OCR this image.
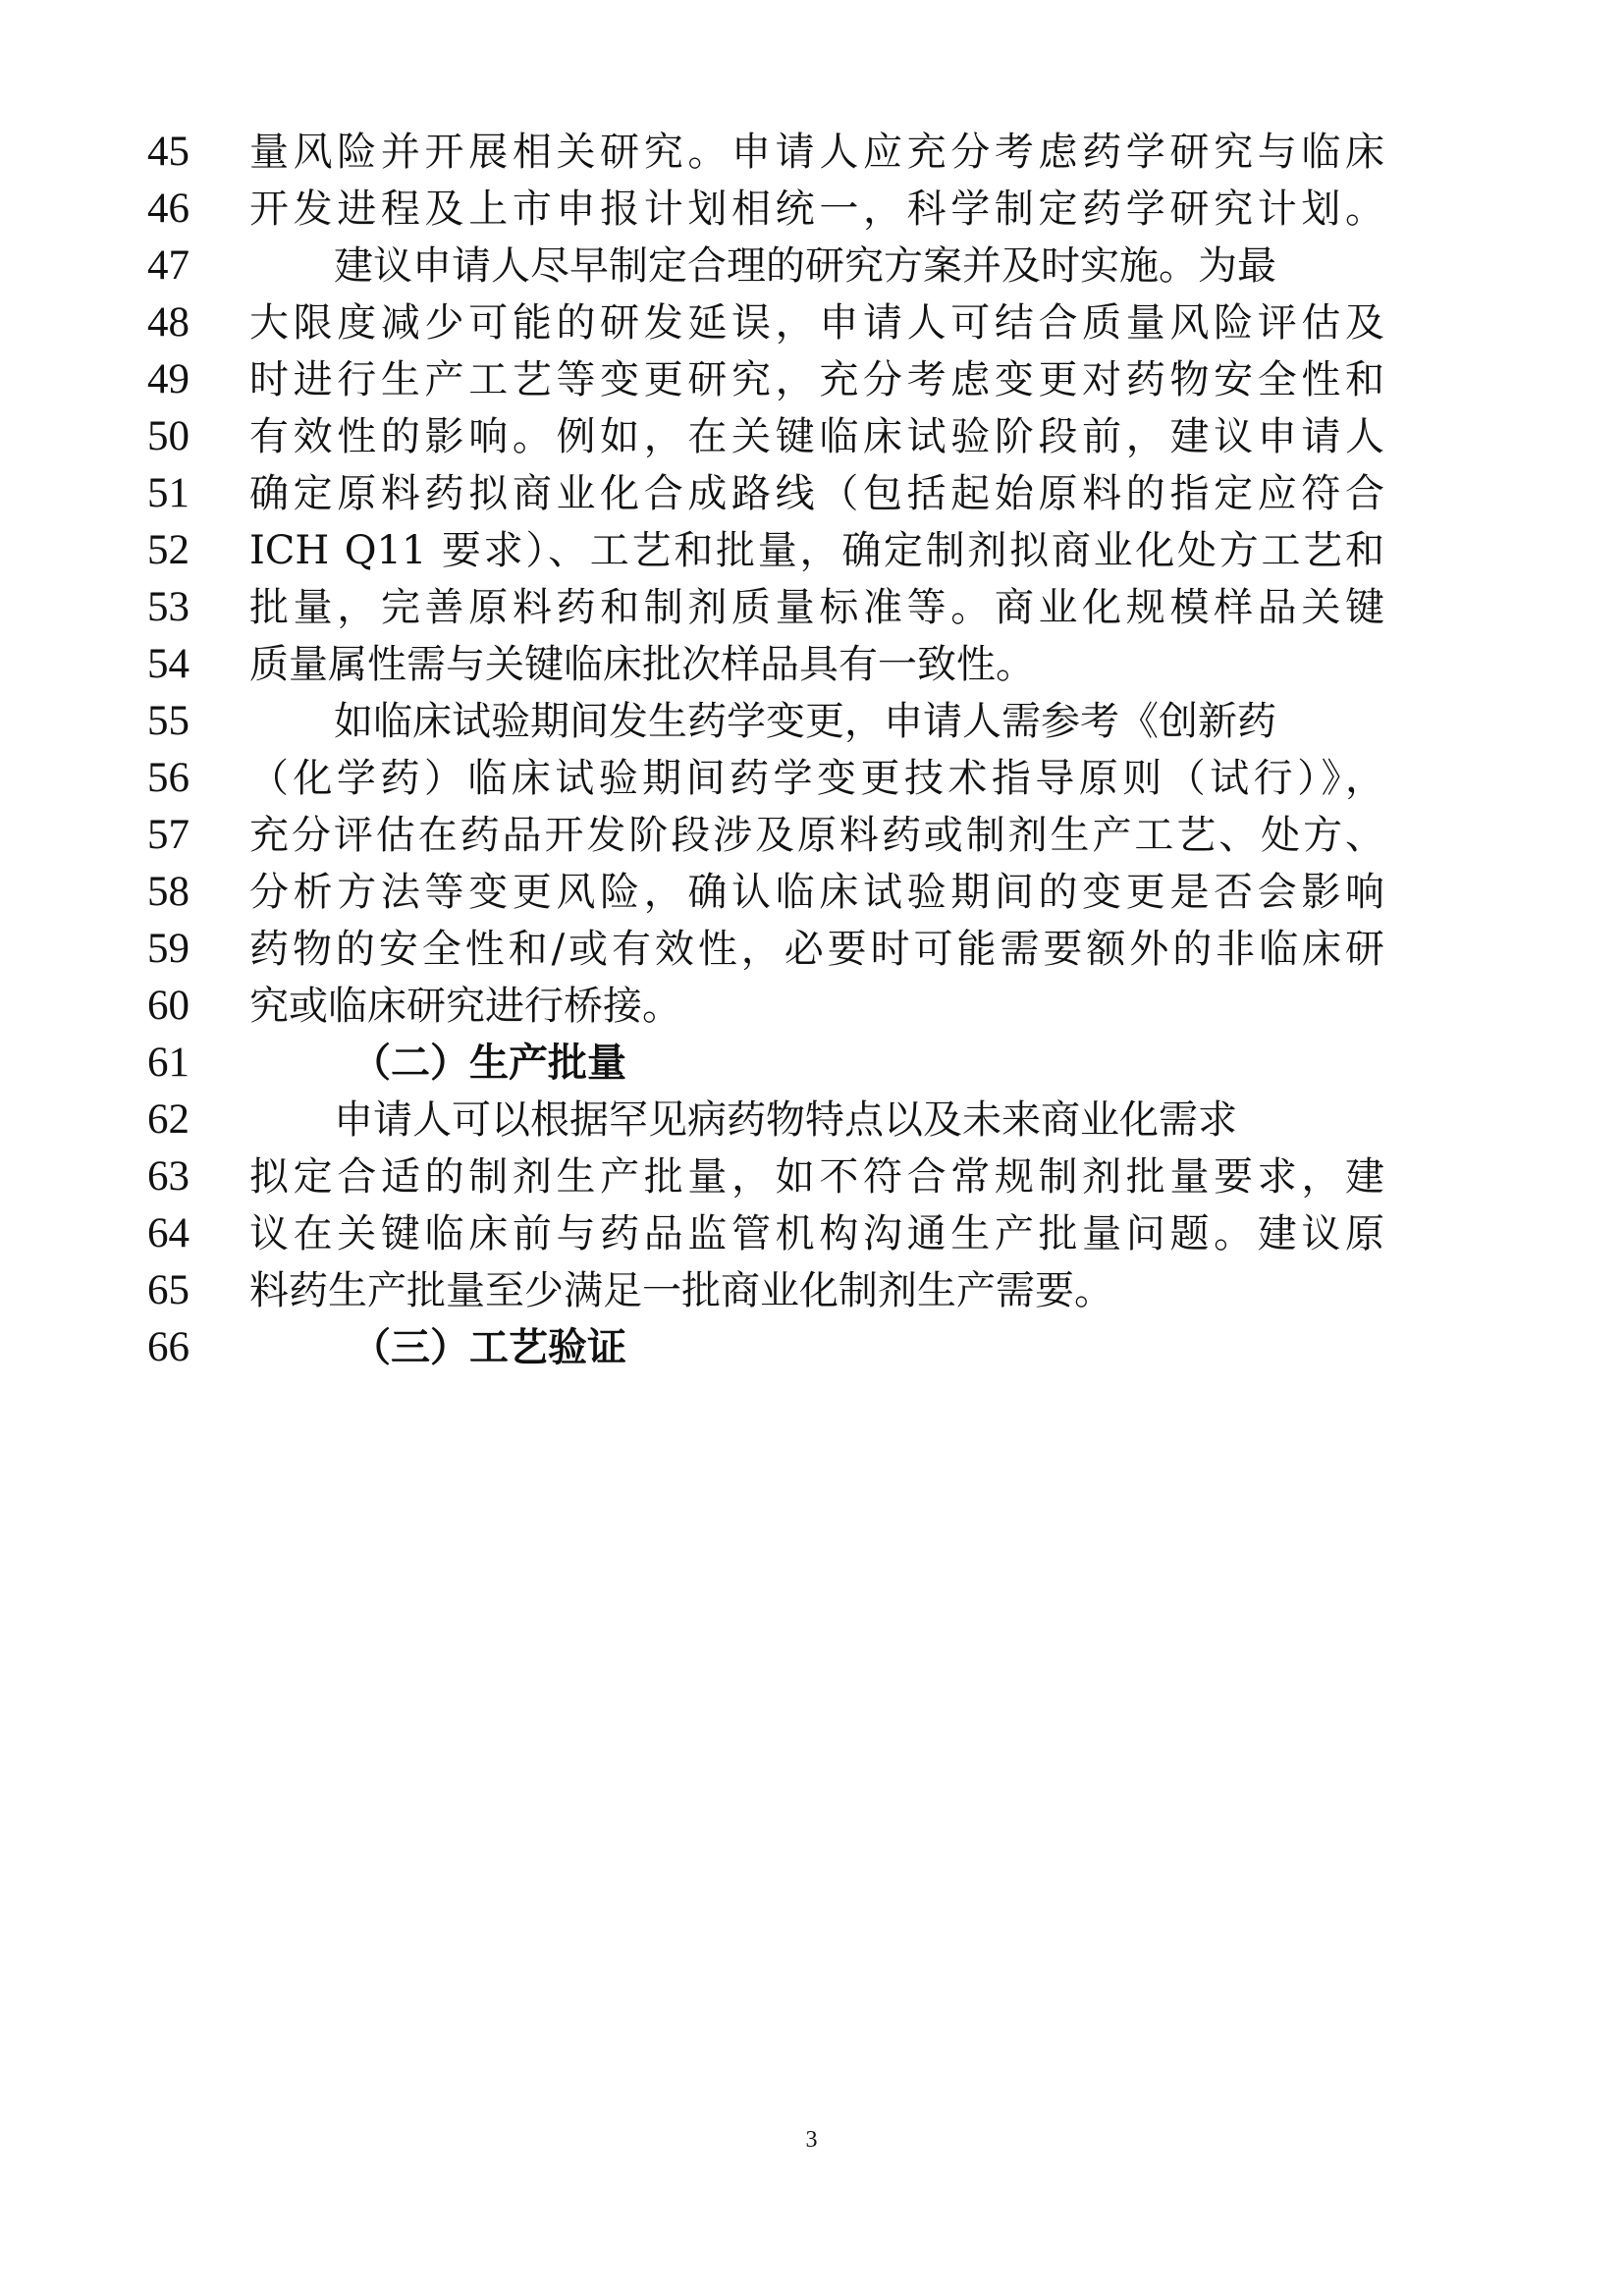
45 量风险并开展相关研究。申请人应充分考虑药学研究与临床
46 开发进程及上市申报计划相统一，科学制定药学研究计划。
47	建议申请人尽早制定合理的研究方案并及时实施。为最
48 大限度减少可能的研发延误，申请人可结合质量风险评估及
49 时进行生产工艺等变更研究，充分考虑变更对药物安全性和
50 有效性的影响。例如，在关键临床试验阶段前，建议申请人
51 确定原料药拟商业化合成路线（包括起始原料的指定应符合
52 ICH Q11 要求）、工艺和批量，确定制剂拟商业化处方工艺和
53 批量，完善原料药和制剂质量标准等。商业化规模样品关键
54 质量属性需与关键临床批次样品具有一致性。
55	如临床试验期间发生药学变更，申请人需参考《创新药
56 （化学药）临床试验期间药学变更技术指导原则（试行）》，
57 充分评估在药品开发阶段涉及原料药或制剂生产工艺、处方、
58 分析方法等变更风险，确认临床试验期间的变更是否会影响
59 药物的安全性和/或有效性，必要时可能需要额外的非临床研
60 究或临床研究进行桥接。
61	（二）生产批量
62	申请人可以根据罕见病药物特点以及未来商业化需求
63 拟定合适的制剂生产批量，如不符合常规制剂批量要求，建
64 议在关键临床前与药品监管机构沟通生产批量问题。建议原
65 料药生产批量至少满足一批商业化制剂生产需要。
66	（三）工艺验证
3
